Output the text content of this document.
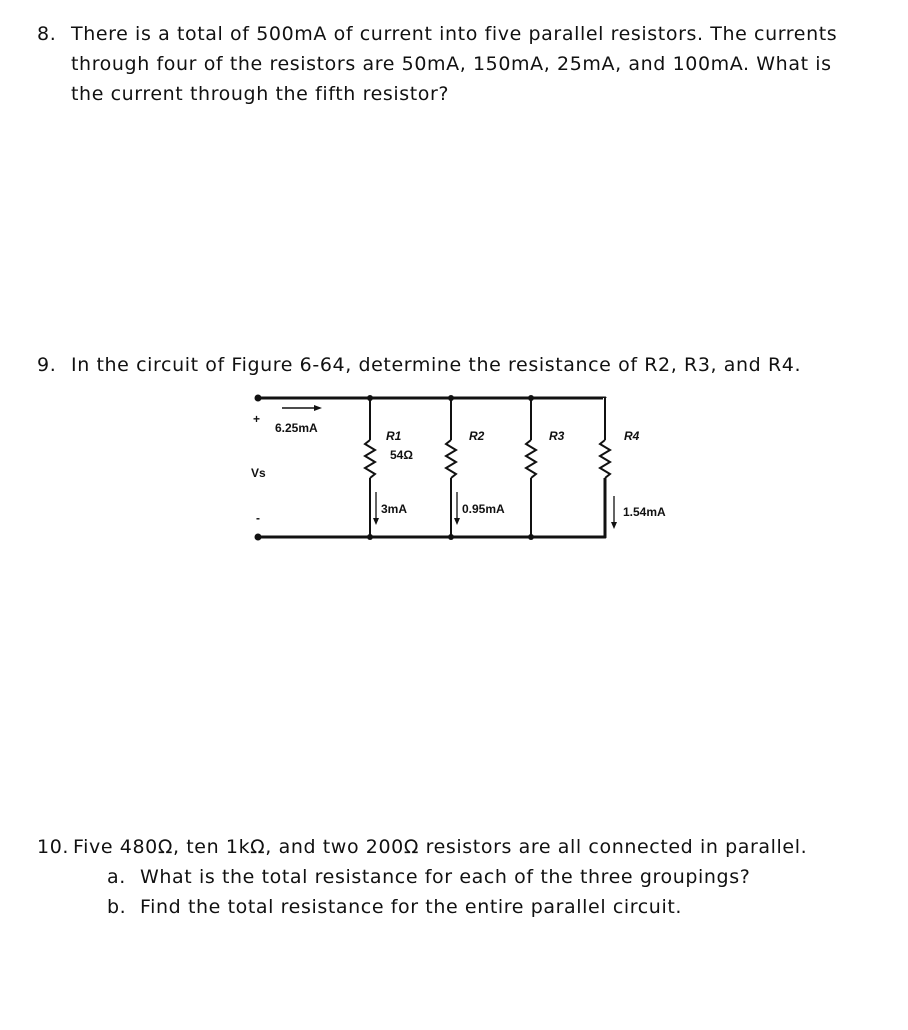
8. There is a total of 500mA of current into five parallel resistors. The currents
through four of the resistors are 50mA, 150mA, 25mA, and 100mA. What is
the current through the fifth resistor?
9. In the circuit of Figure 6-64, determine the resistance of R2, R3, and R4.
+
-
Vs
6.25mA
R1
54Ω
3mA
R2
0.95mA
R3	R4
1.54mA
10. Five 480Ω, ten 1kΩ, and two 200Ω resistors are all connected in parallel.
a. What is the total resistance for each of the three groupings?
b. Find the total resistance for the entire parallel circuit.
